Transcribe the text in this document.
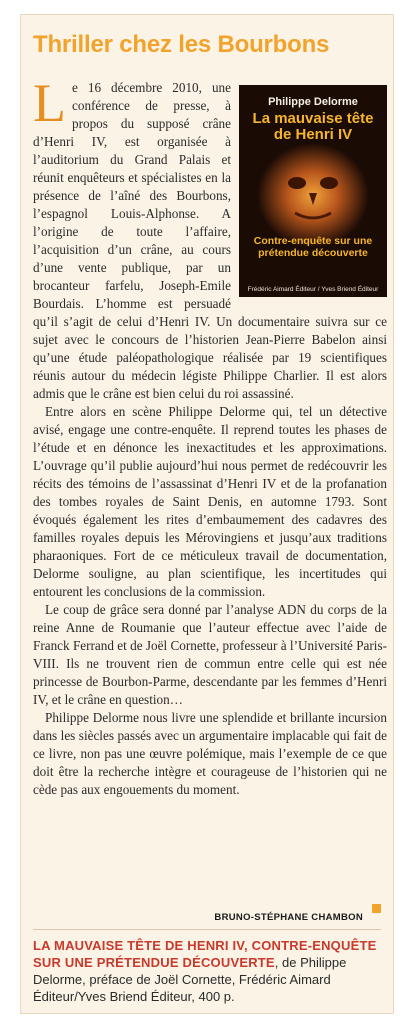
Thriller chez les Bourbons

L	Philippe Delorme
La mauvaise tête de Henri IV
Contre-enquête sur une prétendue découverte
Frédéric Aimard Éditeur / Yves Briend Éditeur
e 16 décembre 2010, une conférence de presse, à propos du supposé crâne d’Henri IV, est organisée à l’auditorium du Grand Palais et réunit enquêteurs et spécialistes en la présence de l’aîné des Bourbons, l’espagnol Louis-Alphonse. A l’origine de toute l’affaire, l’acquisition d’un crâne, au cours d’une vente publique, par un brocanteur farfelu, Joseph-Emile Bourdais. L’homme est persuadé qu’il s’agit de celui d’Henri IV. Un documentaire suivra sur ce sujet avec le concours de l’historien Jean-Pierre Babelon ainsi qu’une étude paléopathologique réalisée par 19 scientifiques réunis autour du médecin légiste Philippe Charlier. Il est alors admis que le crâne est bien celui du roi assassiné.

Entre alors en scène Philippe Delorme qui, tel un détective avisé, engage une contre-enquête. Il reprend toutes les phases de l’étude et en dénonce les inexactitudes et les approximations. L’ouvrage qu’il publie aujourd’hui nous permet de redécouvrir les récits des témoins de l’assassinat d’Henri IV et de la profanation des tombes royales de Saint Denis, en automne 1793. Sont évoqués également les rites d’embaumement des cadavres des familles royales depuis les Mérovingiens et jusqu’aux traditions pharaoniques. Fort de ce méticuleux travail de documentation, Delorme souligne, au plan scientifique, les incertitudes qui entourent les conclusions de la commission.

Le coup de grâce sera donné par l’analyse ADN du corps de la reine Anne de Roumanie que l’auteur effectue avec l’aide de Franck Ferrand et de Joël Cornette, professeur à l’Université Paris-VIII. Ils ne trouvent rien de commun entre celle qui est née princesse de Bourbon-Parme, descendante par les femmes d’Henri IV, et le crâne en question…

Philippe Delorme nous livre une splendide et brillante incursion dans les siècles passés avec un argumentaire implacable qui fait de ce livre, non pas une œuvre polémique, mais l’exemple de ce que doit être la recherche intègre et courageuse de l’historien qui ne cède pas aux engouements du moment.

BRUNO-STÉPHANE CHAMBON
LA MAUVAISE TÊTE DE HENRI IV, CONTRE-ENQUÊTE SUR UNE PRÉTENDUE DÉCOUVERTE, de Philippe Delorme, préface de Joël Cornette, Frédéric Aimard Éditeur/Yves Briend Éditeur, 400 p.
